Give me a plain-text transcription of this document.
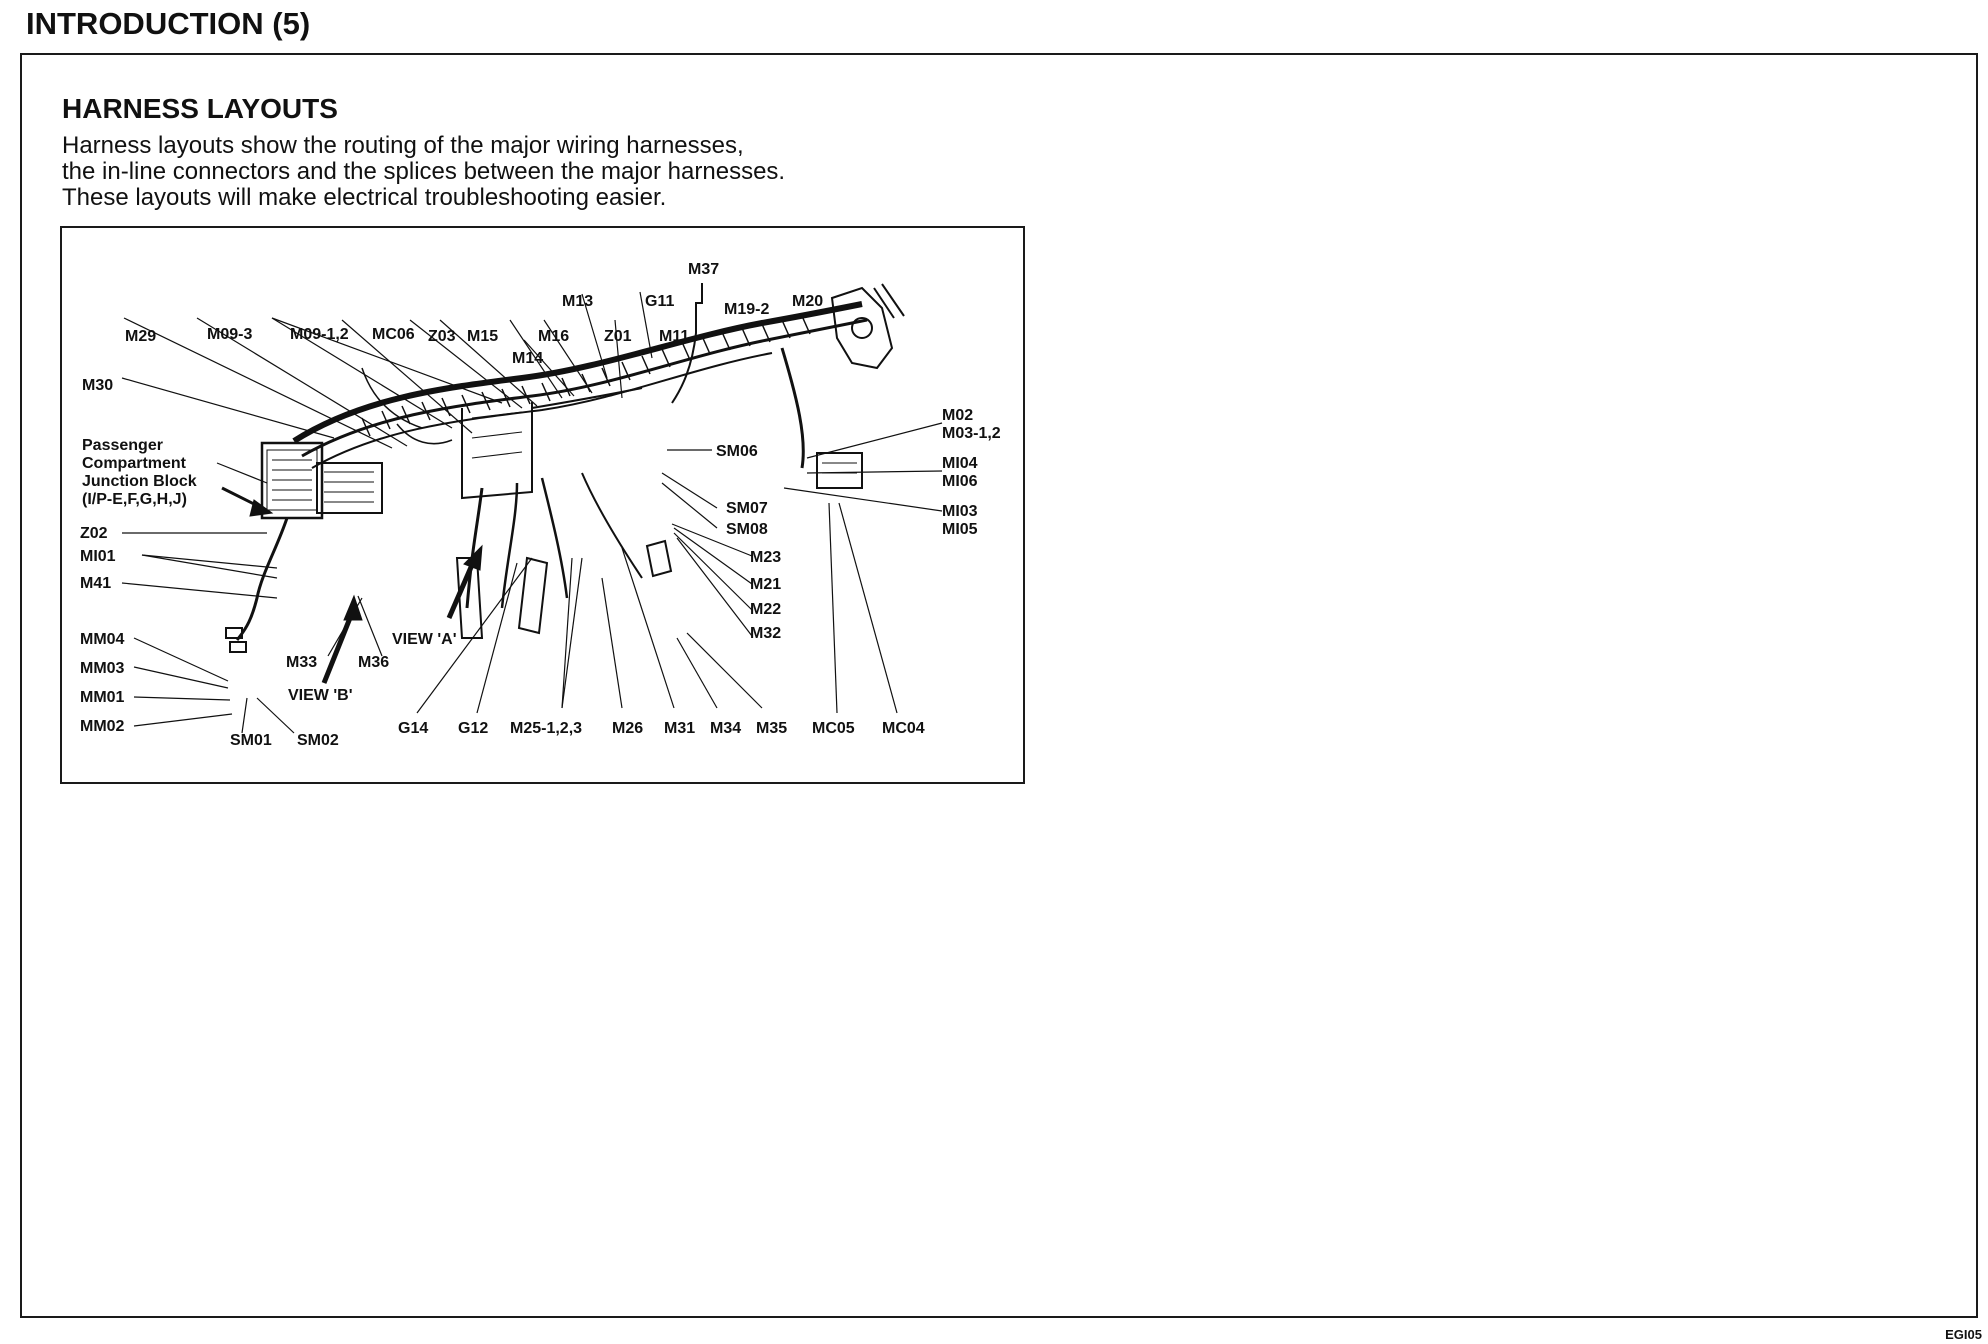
INTRODUCTION (5)
HARNESS LAYOUTS
Harness layouts show the routing of the major wiring harnesses,
the in-line connectors and the splices between the major harnesses.
These layouts will make electrical troubleshooting easier.
M37
M13	G11	M19-2 M20
M29	M09-3 M09-1,2 MC06 Z03 M15 M16 Z01 M11
M14
M30
Passenger
Compartment
Junction Block
(I/P-E,F,G,H,J)
Z02
MI01
M41
MM04
MM03
MM01
MM02
SM01 SM02
M33	M36
VIEW 'B'
VIEW 'A'
SM06
SM07
SM08
M23
M21
M22
M32
M02
M03-1,2
MI04
MI06
MI03
MI05
G14 G12 M25-1,2,3 M26 M31 M34 M35 MC05 MC04
EGI05
